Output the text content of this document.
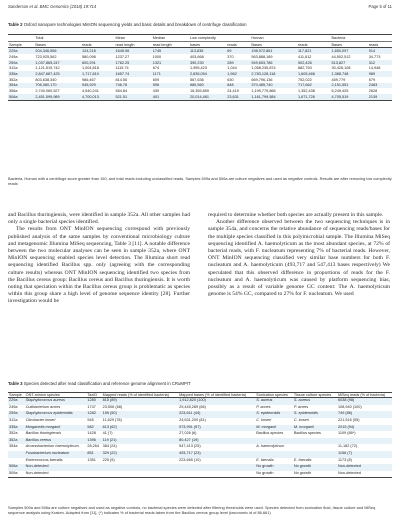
Sanderson et al. BMC Genomics (2018) 19:714	Page 5 of 11
Table 2 Oxford nanopore technologies MinION sequencing yields and basic details and breakdown of centrifuge classification
	Total		Mean	Median	Low complexity		Human		Bacteria	
Sample	Bases	reads	read length	read length	bases	reads	Bases	reads	Bases	reads
229a	204,346,556	124,218	1645.06	1745	113,836	69	198,972,861	117,821	1,650,097	914
249a	723,925,562	580,098	1237.27	1000	403,668	370	563,888,189	411,612	44,502,512	34,773
259a	1,037,865,247	600,291	1762.25	1321	390,230	289	949,653,786	502,426	513,827	312
312a	1,121,519,742	1,004,818	1115.74	674	1,955,423	1,044	1,058,235,874	882,763	30,426,108	14,948
335a	2,847,687,425	1,717,810	1657.74	1171	2,835,054	1,962	2,783,128,118	1,605,466	1,388,748	989
352a	803,638,340	986,467	814.55	609	567,636	630	669,796,136	752,022	459,779	579
354a	706,380,170	945,929	746.76	596	680,560	848	370,485,740	717,662	2,151,551	2483
356a	2,740,060,527	4,540,241	554.84	439	16,355,859	24,419	1,199,779,866	1,352,438	6,249,425	2628
506a	2,451,599,989	4,700,013	521.51	401	20,014,461	23,631	1,161,799,584	1,671,726	4,705,519	2139
Bacteria, Human with a centrifuge score greater than 150, and total reads including unclassified reads. Samples 509a and 506a are culture negatives and used as negative controls. Results are after removing low complexity reads

and Bacillus thuringiensis, were identified in sample 352a. All other samples had only a single bacterial species identified.

The results from ONT MinION sequencing correspond with previously published analysis of the same samples by conventional microbiology culture and metagenomic Illumina MiSeq sequencing, Table 3 [11]. A notable difference between the two molecular analyses can be seen in sample 352a, where ONT MinION sequencing enabled species level detection. The Illumina short read sequencing identified Bacillus spp. only (agreeing with the corresponding culture results) whereas ONT MinION sequencing identified two species from the Bacillus cereus group: Bacillus cereus and Bacillus thuringiensis. It is worth noting that speciation within the Bacillus cereus group is problematic as species within this group share a high level of genome sequence identity [28]. Further investigation would be

required to determine whether both species are actually present in this sample.

Another difference observed between the two sequencing techniques is in sample 354a, and concerns the relative abundance of sequencing reads/bases for the multiple species classified in this polymicrobial sample. The Illumina MiSeq sequencing identified A. haemolyticum as the most abundant species, at 72% of bacterial reads, with F. nucleatum representing 7% of bacterial reads. However, ONT MinION sequencing classified very similar base numbers for both F. nucleatum and A. haemolyticum (493,717 and 547,413 bases respectively) We speculated that this observed difference in proportions of reads for the F. nucleatum and A. haemolyticum was caused by platform sequencing bias, possibly as a result of variable genome GC content: The A. haemolyticum genome is 54% GC, compared to 27% for F. nucleatum. We used

Table 3 Species detected after read classification and reference genome alignment in CRuMPIT
Sample	ONT-minion species	TaxID	Mapped reads (% of identified bacteria)	Mapped bases (% of identified bacteria)	Sonication species	Tissue culture species	MiSeq reads (% of bacteria)
229a	Staphylococcus aureus	1280	815 (89)	1,912,820 (100)	S. aureus	S. aureus	6038 (98)
249a	Cutibacterium acnes	1747	23,506 (68)	29,445,289 (66)	P. acnes	P. acnes	108,940 (100)
259a	Staphylococcus epidermidis	1282	155 (50)	223,611 (44)	S. epidermidis	S. epidermidis	749 (86)
312a	Citrobacter koseri	545	11,629 (78)	24,631,200 (81)	C. koseri	C. koseri	221,516 (95)
335a	Morganella morganii	582	613 (62)	573,991 (57)	M. morganii	M. morganii	2015 (94)
352a	Bacillus thuringiensis	1428	41 (7)	27,026 (6)	Bacillus species	Bacillus species	1109 (86*)
352a	Bacillus cereus	1396	119 (21)	80,427 (19)			
354a	Arcanobacterium haemolyticum	28,264	384 (24)	547,413 (25)	A. haemolyticum		11,182 (72)
	Fusobacterium nucleatum	851	329 (22)	493,717 (23)			1156 (7)
	Enterococcus faecalis	1351	225 (9)	223,665 (10)	E. faecalis	E. faecalis	1173 (8)
506a	Non-detected				No growth	No growth	Non-detected
509a	Non-detected				No growth	No growth	Non-detected
Samples 509a and 506a are culture negatives and used as negative controls, no bacterial species were detected after filtering thresholds were used. Species detected from sonication fluid, tissue culture and MiSeq sequence analysis using Kraken. Adapted from [11], (*) indicates % of bacterial reads taken from the Bacillus cereus group level (taxonomic id of 86,661)
